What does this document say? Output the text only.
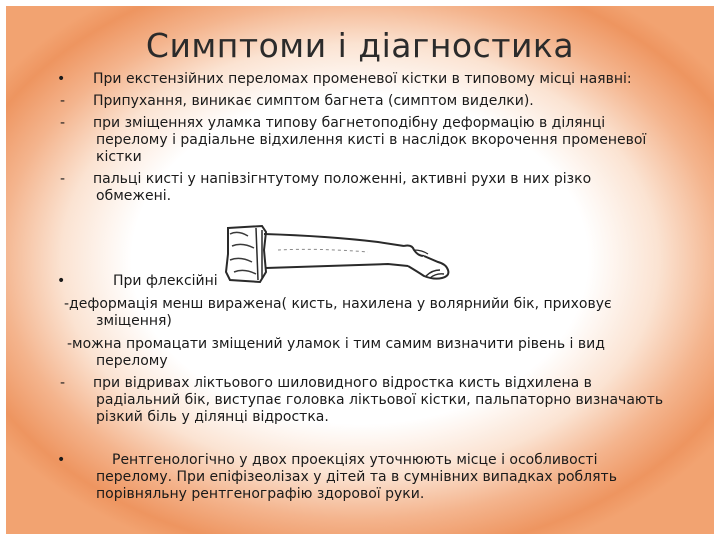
Симптоми і діагностика
•
-
-
-
•
-
•

При екстензійних переломах променевої кістки в типовому місці наявні:

Припухання, виникає симптом багнета (симптом виделки).

при зміщеннях уламка типову багнетоподібну деформацію в ділянці

перелому і радіальне відхилення кисті в наслідок вкорочення променевої

кістки

пальці кисті у напівзігнтутому положенні, активні рухи в них різко

обмежені.

При флексійні

-деформація менш виражена( кисть, нахилена у волярнийи бік, приховує

зміщення)

-можна промацати зміщений уламок і тим самим визначити рівень і вид

перелому

при відривах ліктьового шиловидного відростка кисть відхилена в

радіальний бік, виступає головка ліктьової кістки, пальпаторно визначають

різкий біль у ділянці відростка.

Рентгенологічно у двох проекціях уточнюють місце і особливості

перелому. При епіфізеолізах у дітей та в сумнівних випадках роблять

порівняльну рентгенографію здорової руки.
